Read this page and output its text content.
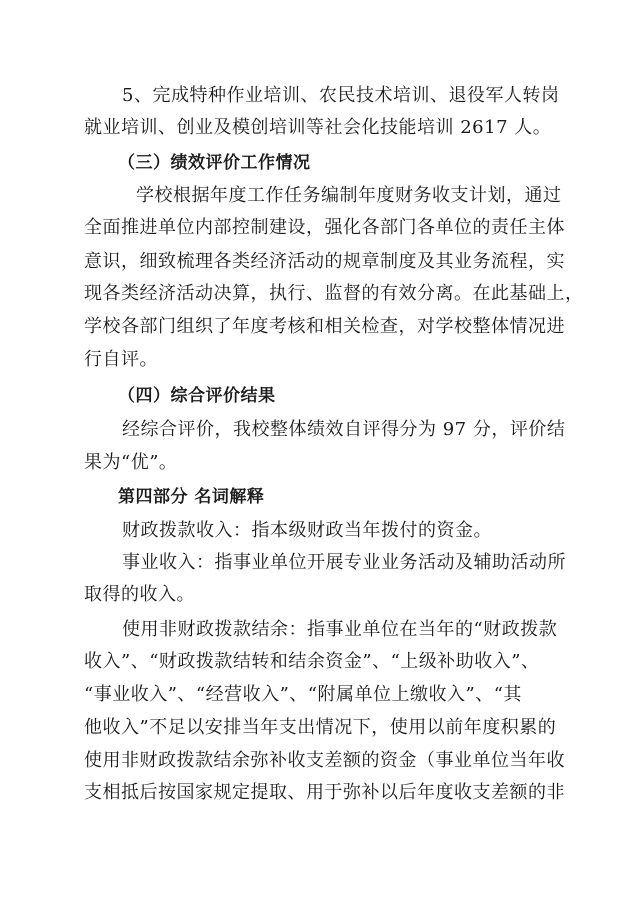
5、完成特种作业培训、农民技术培训、退役军人转岗
就业培训、创业及模创培训等社会化技能培训 2617 人。
（三）绩效评价工作情况
学校根据年度工作任务编制年度财务收支计划，通过
全面推进单位内部控制建设，强化各部门各单位的责任主体
意识，细致梳理各类经济活动的规章制度及其业务流程，实
现各类经济活动决算，执行、监督的有效分离。在此基础上，
学校各部门组织了年度考核和相关检查，对学校整体情况进
行自评。
（四）综合评价结果
经综合评价，我校整体绩效自评得分为 97 分，评价结
果为“优”。
第四部分 名词解释
财政拨款收入：指本级财政当年拨付的资金。
事业收入：指事业单位开展专业业务活动及辅助活动所
取得的收入。
使用非财政拨款结余：指事业单位在当年的“财政拨款
收入”、“财政拨款结转和结余资金”、“上级补助收入”、
“事业收入”、“经营收入”、“附属单位上缴收入”、“其
他收入”不足以安排当年支出情况下，使用以前年度积累的
使用非财政拨款结余弥补收支差额的资金（事业单位当年收
支相抵后按国家规定提取、用于弥补以后年度收支差额的非
